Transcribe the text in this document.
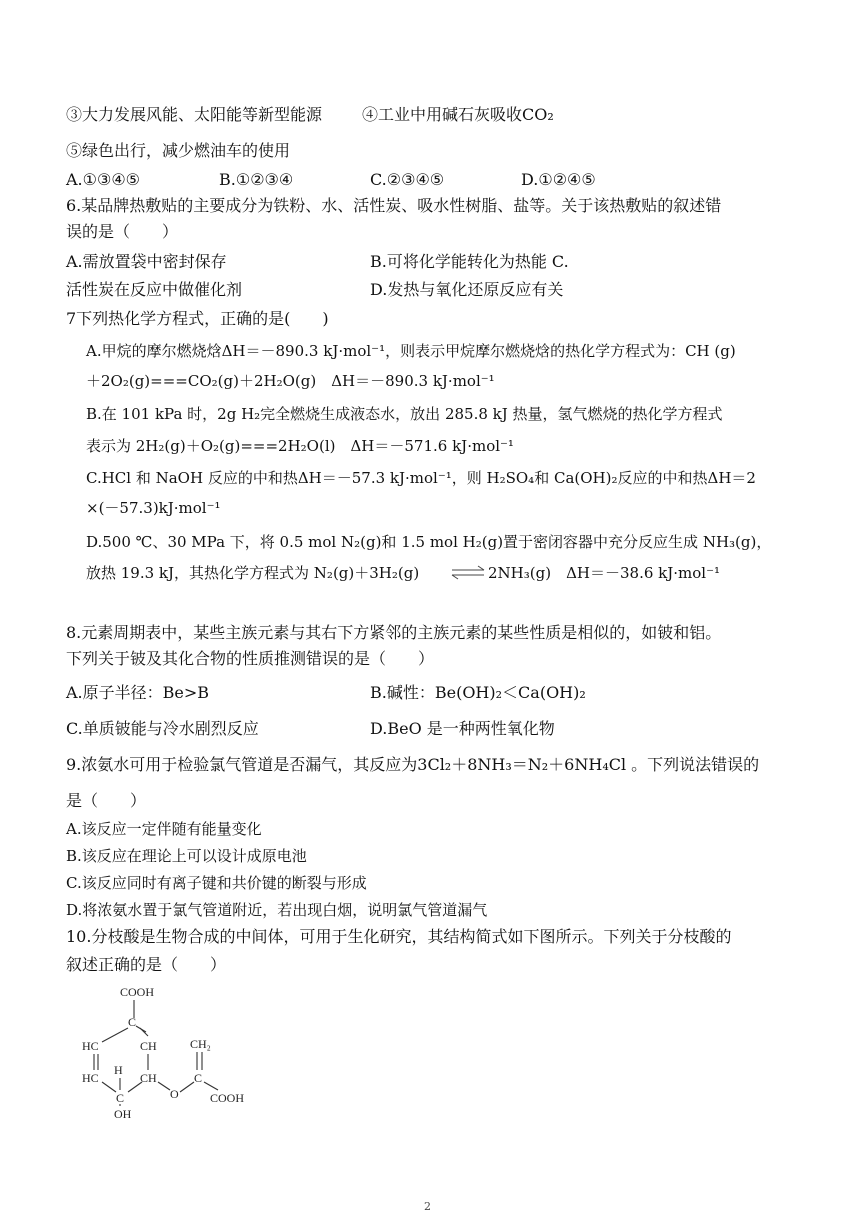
③大力发展风能、太阳能等新型能源 ④工业中用碱石灰吸收CO₂
⑤绿色出行，减少燃油车的使用
A.①③④⑤	B.①②③④	C.②③④⑤	D.①②④⑤
6.某品牌热敷贴的主要成分为铁粉、水、活性炭、吸水性树脂、盐等。关于该热敷贴的叙述错
误的是（　　）
A.需放置袋中密封保存	B.可将化学能转化为热能 C.
活性炭在反应中做催化剂	D.发热与氧化还原反应有关
7下列热化学方程式，正确的是(　　)
A.甲烷的摩尔燃烧焓ΔH＝－890.3 kJ·mol⁻¹，则表示甲烷摩尔燃烧焓的热化学方程式为：CH (g)
＋2O₂(g)===CO₂(g)＋2H₂O(g)　ΔH＝－890.3 kJ·mol⁻¹
B.在 101 kPa 时，2g H₂完全燃烧生成液态水，放出 285.8 kJ 热量，氢气燃烧的热化学方程式
表示为 2H₂(g)＋O₂(g)===2H₂O(l)　ΔH＝－571.6 kJ·mol⁻¹
C.HCl 和 NaOH 反应的中和热ΔH＝－57.3 kJ·mol⁻¹，则 H₂SO₄和 Ca(OH)₂反应的中和热ΔH＝2
×(－57.3)kJ·mol⁻¹
D.500 ℃、30 MPa 下，将 0.5 mol N₂(g)和 1.5 mol H₂(g)置于密闭容器中充分反应生成 NH₃(g)，
放热 19.3 kJ，其热化学方程式为 N₂(g)＋3H₂(g) ⇌ 2NH₃(g)　ΔH＝－38.6 kJ·mol⁻¹
8.元素周期表中，某些主族元素与其右下方紧邻的主族元素的某些性质是相似的，如铍和铝。
下列关于铍及其化合物的性质推测错误的是（　　）
A.原子半径：Be>B	B.碱性：Be(OH)₂＜Ca(OH)₂
C.单质铍能与冷水剧烈反应	D.BeO 是一种两性氧化物
9.浓氨水可用于检验氯气管道是否漏气，其反应为3Cl₂＋8NH₃＝N₂＋6NH₄Cl 。下列说法错误的
是（　　）
A.该反应一定伴随有能量变化
B.该反应在理论上可以设计成原电池
C.该反应同时有离子键和共价键的断裂与形成
D.将浓氨水置于氯气管道附近，若出现白烟，说明氯气管道漏气
10.分枝酸是生物合成的中间体，可用于生化研究，其结构简式如下图所示。下列关于分枝酸的
叙述正确的是（　　）
COOH
C
HC	CH
HC
H
CH
C
OH
O
C
CH₂
COOH
2
